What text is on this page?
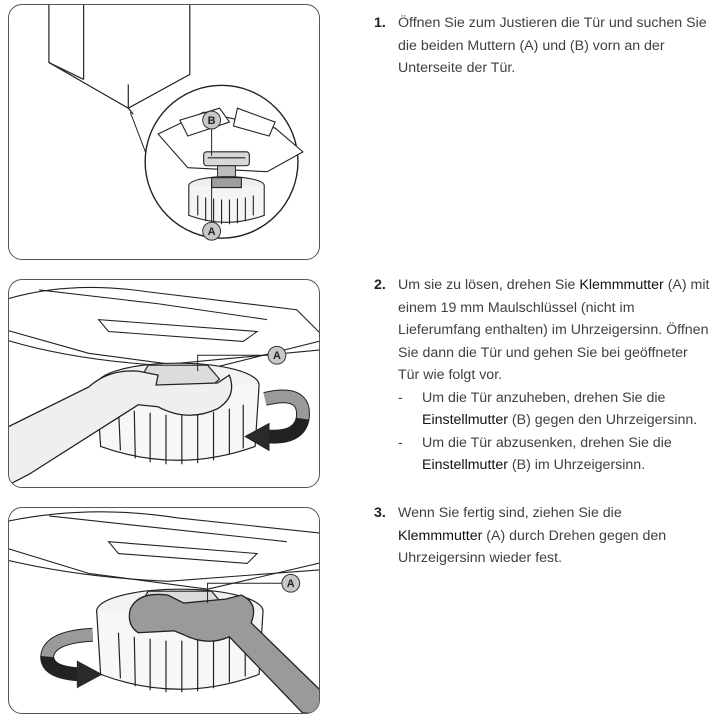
B
A
A
A
1. Öffnen Sie zum Justieren die Tür und suchen Sie die beiden Muttern (A) und (B) vorn an der Unterseite der Tür.
2. Um sie zu lösen, drehen Sie Klemmmutter (A) mit einem 19 mm Maulschlüssel (nicht im Lieferumfang enthalten) im Uhrzeigersinn. Öffnen Sie dann die Tür und gehen Sie bei geöffneter Tür wie folgt vor.
- Um die Tür anzuheben, drehen Sie die Einstellmutter (B) gegen den Uhrzeigersinn.
- Um die Tür abzusenken, drehen Sie die Einstellmutter (B) im Uhrzeigersinn.
3. Wenn Sie fertig sind, ziehen Sie die Klemmmutter (A) durch Drehen gegen den Uhrzeigersinn wieder fest.
